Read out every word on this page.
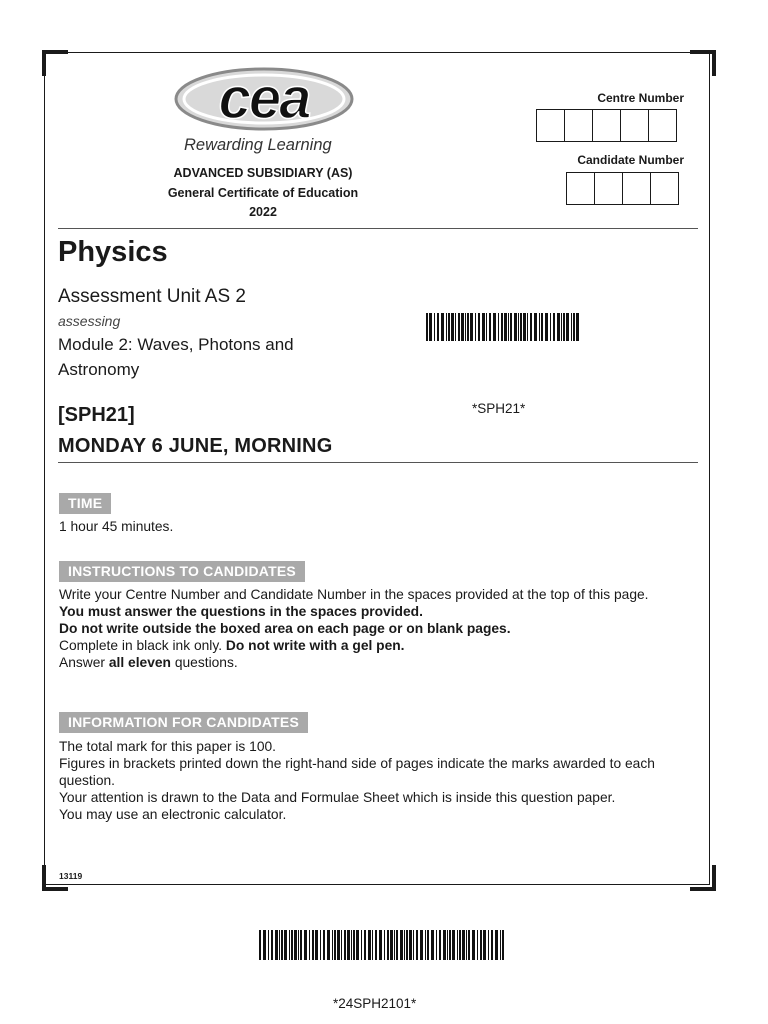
cea
Rewarding Learning
ADVANCED SUBSIDIARY (AS)
General Certificate of Education
2022
Centre Number
Candidate Number
Physics
Assessment Unit AS 2
assessing
Module 2: Waves, Photons and Astronomy
[SPH21]
MONDAY 6 JUNE, MORNING
*SPH21*
TIME
1 hour 45 minutes.
INSTRUCTIONS TO CANDIDATES
Write your Centre Number and Candidate Number in the spaces provided at the top of this page.
You must answer the questions in the spaces provided.
Do not write outside the boxed area on each page or on blank pages.
Complete in black ink only. Do not write with a gel pen.
Answer all eleven questions.
INFORMATION FOR CANDIDATES
The total mark for this paper is 100.
Figures in brackets printed down the right-hand side of pages indicate the marks awarded to each question.
Your attention is drawn to the Data and Formulae Sheet which is inside this question paper.
You may use an electronic calculator.
13119
*24SPH2101*
